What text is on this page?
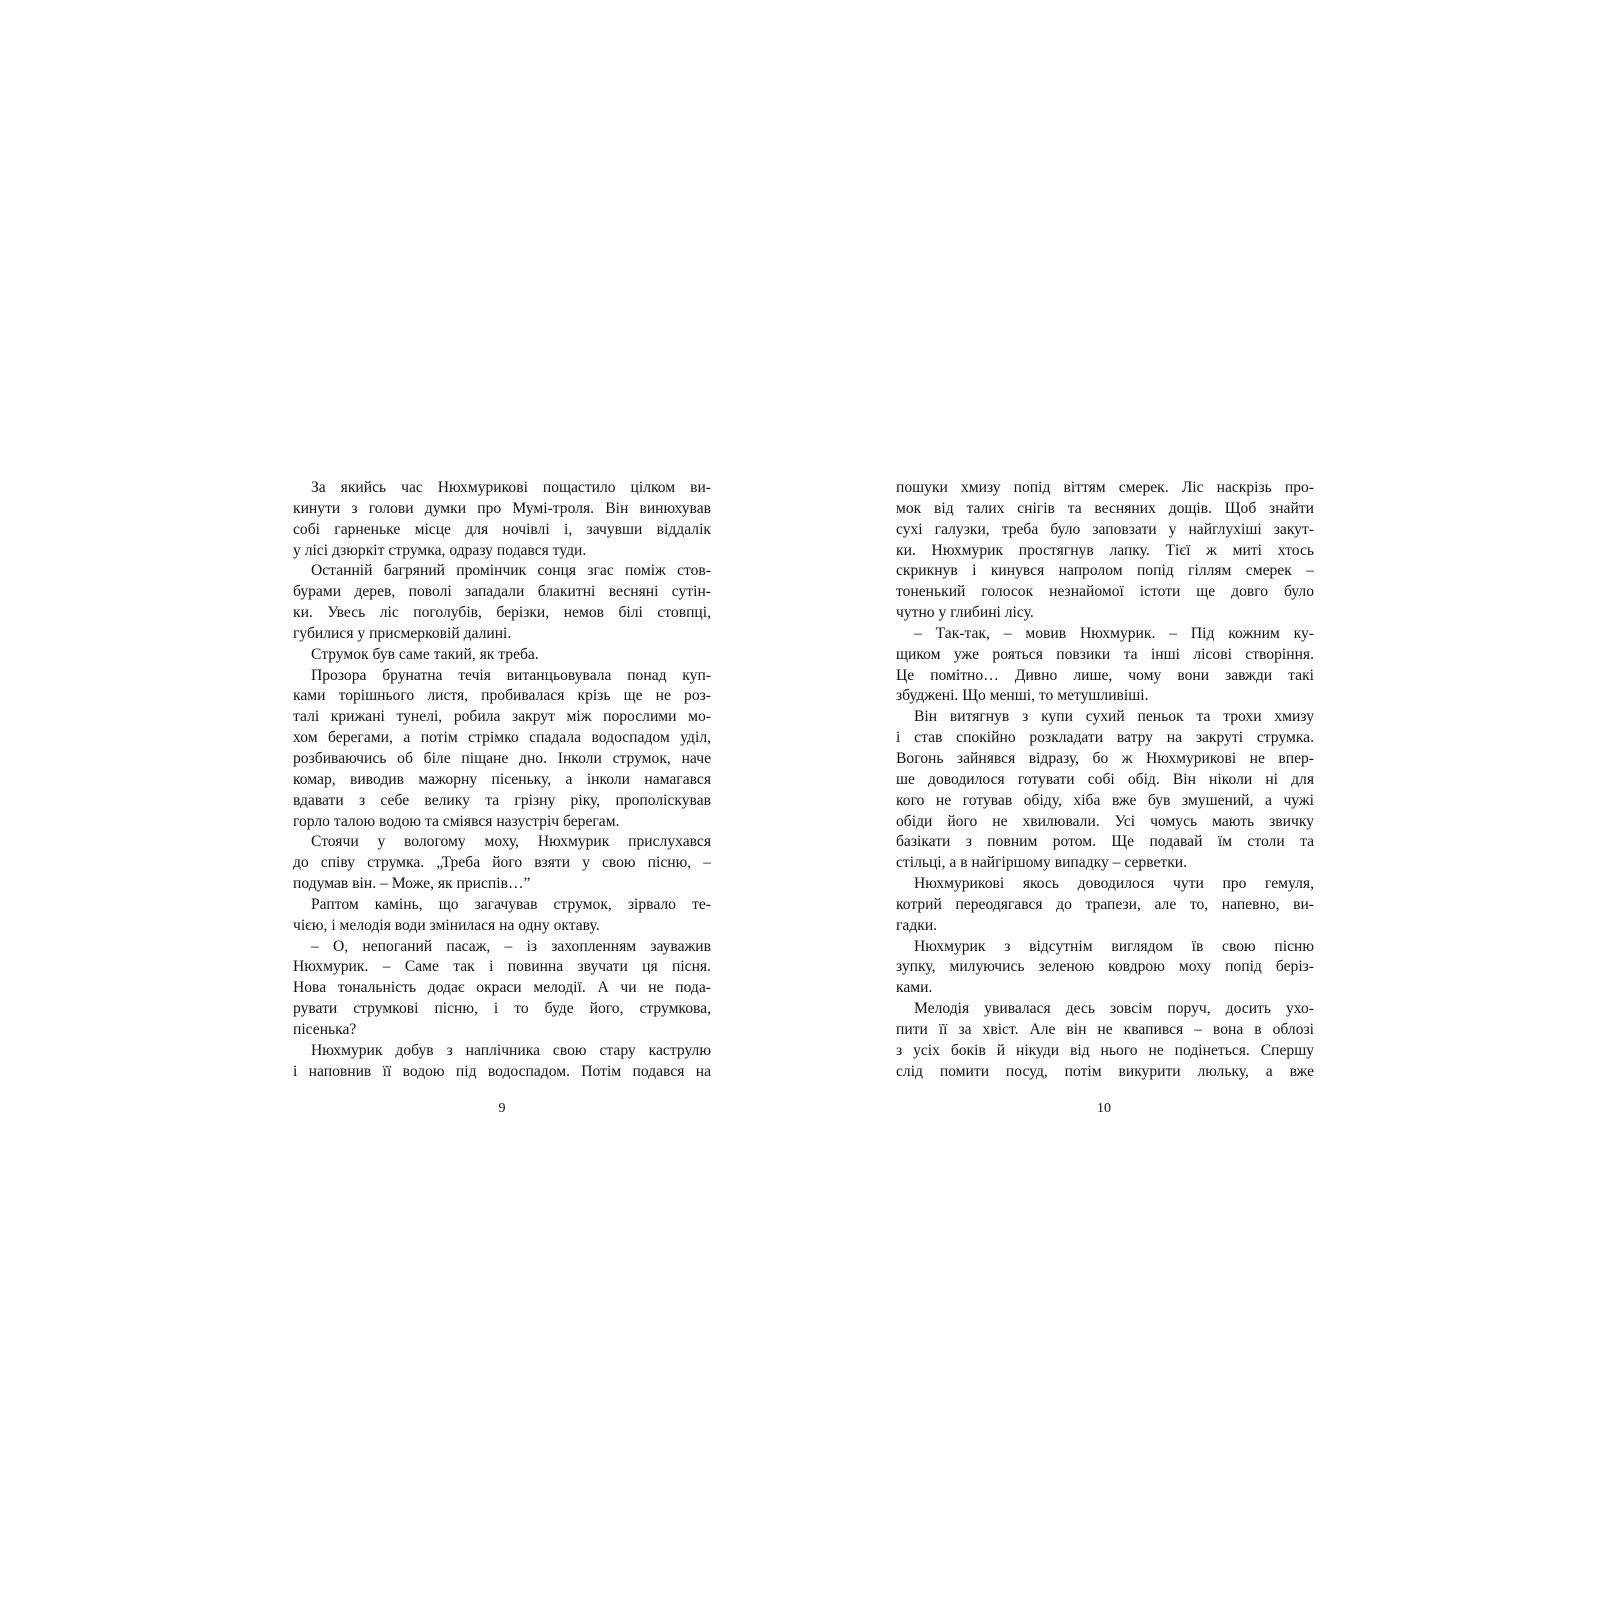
За якийсь час Нюхмурикові пощастило цілком ви-
кинути з голови думки про Мумі-троля. Він винюхував
собі гарненьке місце для ночівлі і, зачувши віддалік
у лісі дзюркіт струмка, одразу подався туди.
Останній багряний промінчик сонця згас поміж стов-
бурами дерев, поволі западали блакитні весняні сутін-
ки. Увесь ліс поголубів, берізки, немов білі стовпці,
губилися у присмерковій далині.
Струмок був саме такий, як треба.
Прозора брунатна течія витанцьовувала понад куп-
ками торішнього листя, пробивалася крізь ще не роз-
талі крижані тунелі, робила закрут між порослими мо-
хом берегами, а потім стрімко спадала водоспадом уділ,
розбиваючись об біле піщане дно. Інколи струмок, наче
комар, виводив мажорну пісеньку, а інколи намагався
вдавати з себе велику та грізну ріку, прополіскував
горло талою водою та сміявся назустріч берегам.
Стоячи у вологому моху, Нюхмурик прислухався
до співу струмка. „Треба його взяти у свою пісню, –
подумав він. – Може, як приспів…”
Раптом камінь, що загачував струмок, зірвало те-
чією, і мелодія води змінилася на одну октаву.
– О, непоганий пасаж, – із захопленням зауважив
Нюхмурик. – Саме так і повинна звучати ця пісня.
Нова тональність додає окраси мелодії. А чи не пода-
рувати струмкові пісню, і то буде його, струмкова,
пісенька?
Нюхмурик добув з наплічника свою стару каструлю
і наповнив її водою під водоспадом. Потім подався на
пошуки хмизу попід віттям смерек. Ліс наскрізь про-
мок від талих снігів та весняних дощів. Щоб знайти
сухі галузки, треба було заповзати у найглухіші закут-
ки. Нюхмурик простягнув лапку. Тієї ж миті хтось
скрикнув і кинувся напролом попід гіллям смерек –
тоненький голосок незнайомої істоти ще довго було
чутно у глибині лісу.
– Так-так, – мовив Нюхмурик. – Під кожним ку-
щиком уже рояться повзики та інші лісові створіння.
Це помітно… Дивно лише, чому вони завжди такі
збуджені. Що менші, то метушливіші.
Він витягнув з купи сухий пеньок та трохи хмизу
і став спокійно розкладати ватру на закруті струмка.
Вогонь зайнявся відразу, бо ж Нюхмурикові не впер-
ше доводилося готувати собі обід. Він ніколи ні для
кого не готував обіду, хіба вже був змушений, а чужі
обіди його не хвилювали. Усі чомусь мають звичку
базікати з повним ротом. Ще подавай їм столи та
стільці, а в найгіршому випадку – серветки.
Нюхмурикові якось доводилося чути про гемуля,
котрий переодягався до трапези, але то, напевно, ви-
гадки.
Нюхмурик з відсутнім виглядом їв свою пісню
зупку, милуючись зеленою ковдрою моху попід беріз-
ками.
Мелодія увивалася десь зовсім поруч, досить ухо-
пити її за хвіст. Але він не квапився – вона в облозі
з усіх боків й нікуди від нього не подінеться. Спершу
слід помити посуд, потім викурити люльку, а вже
9	10
